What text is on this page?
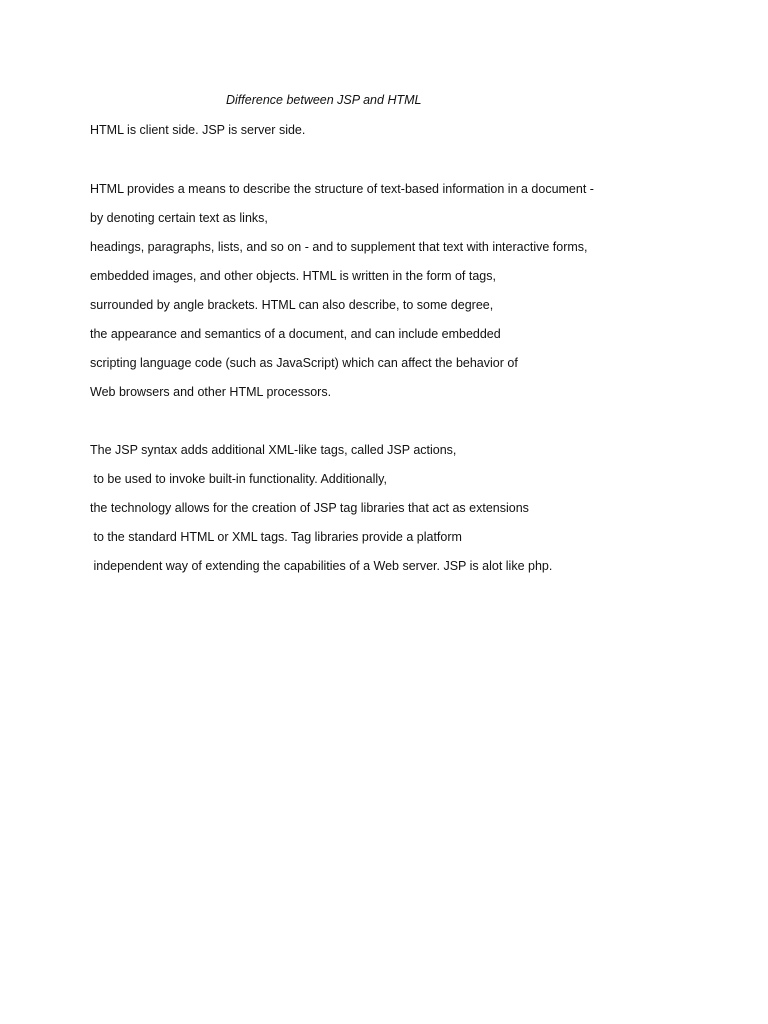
Difference between JSP and HTML
HTML is client side. JSP is server side.
HTML provides a means to describe the structure of text-based information in a document -
by denoting certain text as links,
headings, paragraphs, lists, and so on - and to supplement that text with interactive forms,
embedded images, and other objects. HTML is written in the form of tags,
surrounded by angle brackets. HTML can also describe, to some degree,
the appearance and semantics of a document, and can include embedded
scripting language code (such as JavaScript) which can affect the behavior of
Web browsers and other HTML processors.
The JSP syntax adds additional XML-like tags, called JSP actions,
to be used to invoke built-in functionality. Additionally,
the technology allows for the creation of JSP tag libraries that act as extensions
to the standard HTML or XML tags. Tag libraries provide a platform
independent way of extending the capabilities of a Web server. JSP is alot like php.
